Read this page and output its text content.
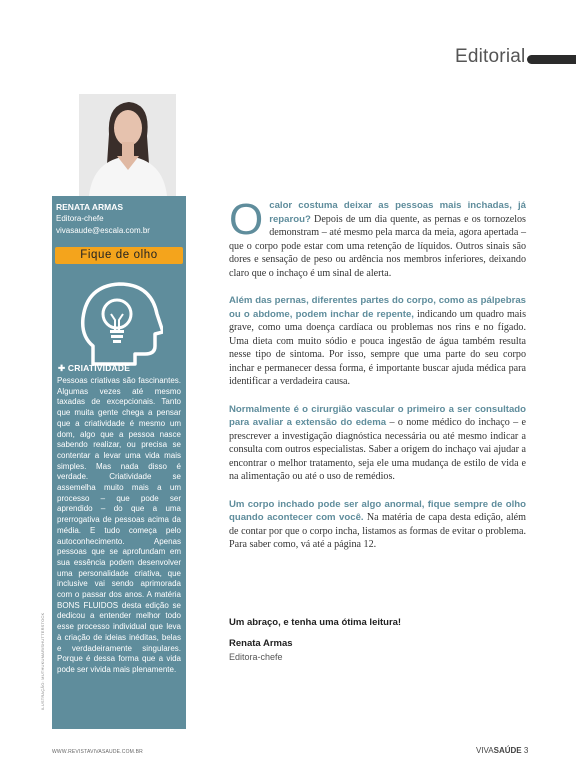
Editorial
RENATA ARMAS
Editora-chefe
vivasaude@escala.com.br
Fique de olho
✚ CRIATIVIDADE
Pessoas criativas são fascinantes. Algumas vezes até mesmo taxadas de excepcionais. Tanto que muita gente chega a pensar que a criatividade é mesmo um dom, algo que a pessoa nasce sabendo realizar, ou precisa se contentar a levar uma vida mais simples. Mas nada disso é verdade. Criatividade se assemelha muito mais a um processo – que pode ser aprendido – do que a uma prerrogativa de pessoas acima da média. E tudo começa pelo autoconhecimento. Apenas pessoas que se aprofundam em sua essência podem desenvolver uma personalidade criativa, que inclusive vai sendo aprimorada com o passar dos anos. A matéria BONS FLUIDOS desta edição se dedicou a entender melhor todo esse processo individual que leva à criação de ideias inéditas, belas e verdadeiramente singulares. Porque é dessa forma que a vida pode ser vivida mais plenamente.
ILUSTRAÇÃO: MUTHUKUMAR/SHUTTERSTOCK

Ocalor costuma deixar as pessoas mais inchadas, já reparou? Depois de um dia quente, as pernas e os tornozelos demonstram – até mesmo pela marca da meia, agora apertada – que o corpo pode estar com uma retenção de líquidos. Outros sinais são dores e sensação de peso ou ardência nos membros inferiores, deixando claro que o inchaço é um sinal de alerta.

Além das pernas, diferentes partes do corpo, como as pálpebras ou o abdome, podem inchar de repente, indicando um quadro mais grave, como uma doença cardíaca ou problemas nos rins e no fígado. Uma dieta com muito sódio e pouca ingestão de água também resulta nesse tipo de sintoma. Por isso, sempre que uma parte do seu corpo inchar e permanecer dessa forma, é importante buscar ajuda médica para identificar a verdadeira causa.

Normalmente é o cirurgião vascular o primeiro a ser consultado para avaliar a extensão do edema – o nome médico do inchaço – e prescrever a investigação diagnóstica necessária ou até mesmo indicar a consulta com outros especialistas. Saber a origem do inchaço vai ajudar a encontrar o melhor tratamento, seja ele uma mudança de estilo de vida e na alimentação ou até o uso de remédios.

Um corpo inchado pode ser algo anormal, fique sempre de olho quando acontecer com você. Na matéria de capa desta edição, além de contar por que o corpo incha, listamos as formas de evitar o problema. Para saber como, vá até a página 12.

Um abraço, e tenha uma ótima leitura!
Renata Armas
Editora-chefe
WWW.REVISTAVIVASAUDE.COM.BR	VIVASAÚDE 3
